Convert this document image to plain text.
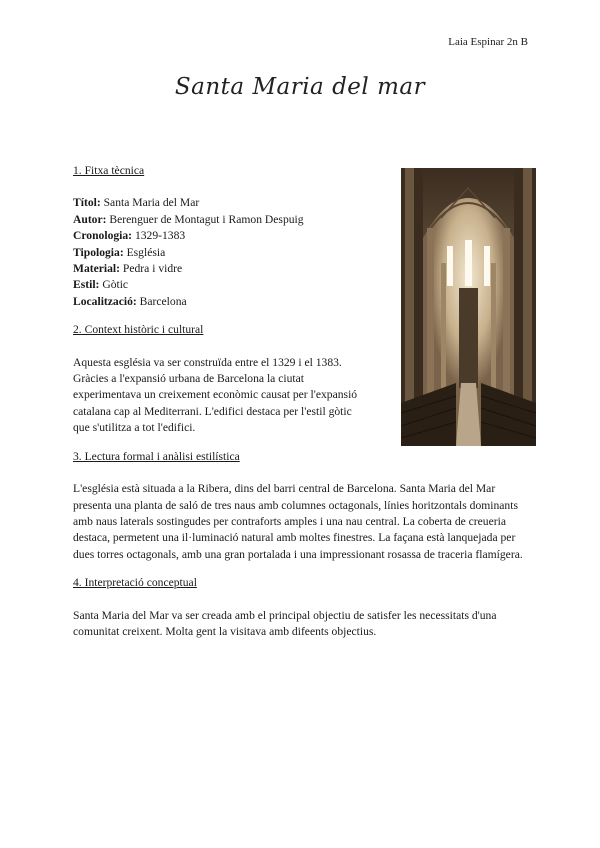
Laia Espinar 2n B
Santa Maria del mar
1. Fitxa tècnica

Títol: Santa Maria del Mar

Autor: Berenguer de Montagut i Ramon Despuig

Cronologia: 1329-1383

Tipologia: Església

Material: Pedra i vidre

Estil: Gòtic

Localització: Barcelona

2. Context històric i cultural

Aquesta església va ser construïda entre el 1329 i el 1383. Gràcies a l'expansió urbana de Barcelona la ciutat experimentava un creixement econòmic causat per l'expansió catalana cap al Mediterrani. L'edifici destaca per l'estil gòtic que s'utilitza a tot l'edifici.

3. Lectura formal i anàlisi estilística

L'església està situada a la Ribera, dins del barri central de Barcelona. Santa Maria del Mar presenta una planta de saló de tres naus amb columnes octagonals, línies horitzontals dominants amb naus laterals sostingudes per contraforts amples i una nau central. La coberta de creueria destaca, permetent una il·luminació natural amb moltes finestres. La façana està lanquejada per dues torres octagonals, amb una gran portalada i una impressionant rosassa de traceria flamígera.

4. Interpretació conceptual

Santa Maria del Mar va ser creada amb el principal objectiu de satisfer les necessitats d'una comunitat creixent. Molta gent la visitava amb difeents objectius.
